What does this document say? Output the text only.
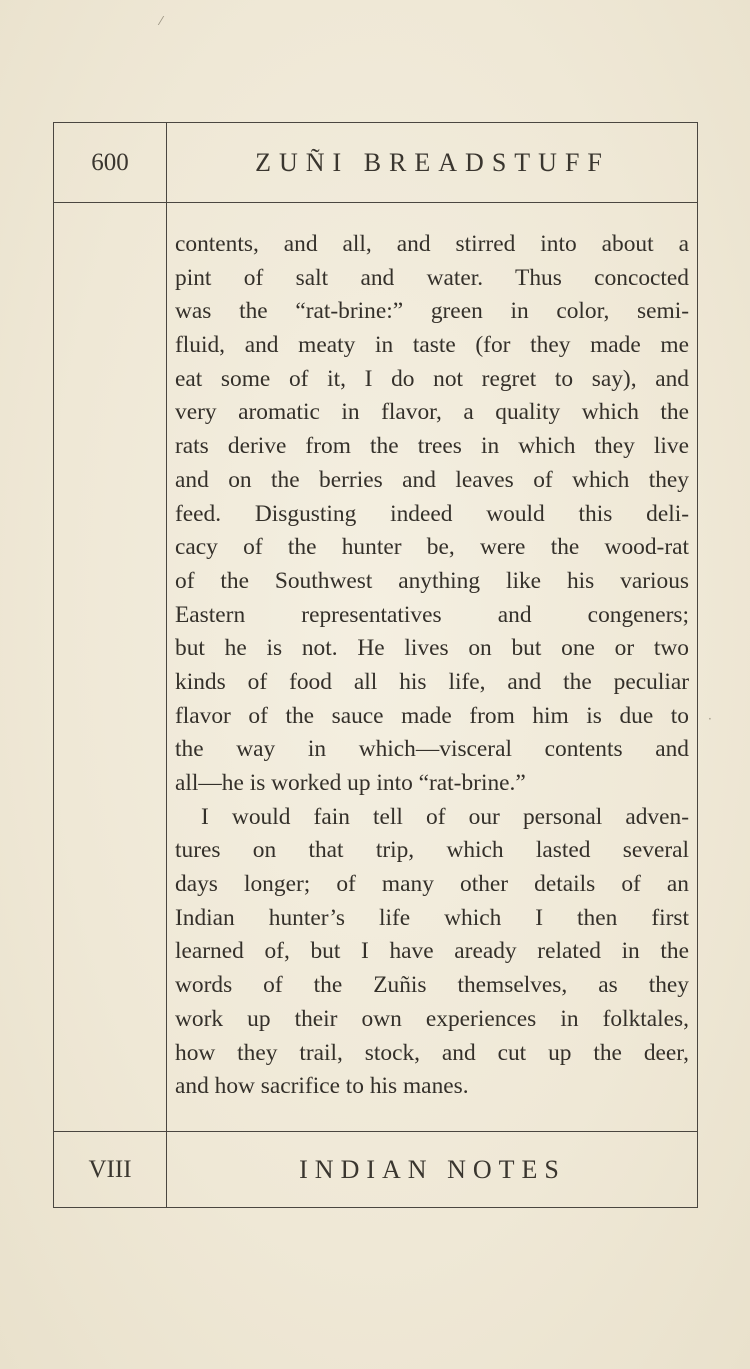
⁄
·
600	ZUÑI BREADSTUFF
VIII	INDIAN NOTES
contents, and all, and stirred into about a
pint of salt and water. Thus concocted
was the “rat-brine:” green in color, semi-
fluid, and meaty in taste (for they made me
eat some of it, I do not regret to say), and
very aromatic in flavor, a quality which the
rats derive from the trees in which they live
and on the berries and leaves of which they
feed. Disgusting indeed would this deli-
cacy of the hunter be, were the wood-rat
of the Southwest anything like his various
Eastern representatives and congeners;
but he is not. He lives on but one or two
kinds of food all his life, and the peculiar
flavor of the sauce made from him is due to
the way in which—visceral contents and
all—he is worked up into “rat-brine.”
I would fain tell of our personal adven-
tures on that trip, which lasted several
days longer; of many other details of an
Indian hunter’s life which I then first
learned of, but I have aready related in the
words of the Zuñis themselves, as they
work up their own experiences in folktales,
how they trail, stock, and cut up the deer,
and how sacrifice to his manes.
